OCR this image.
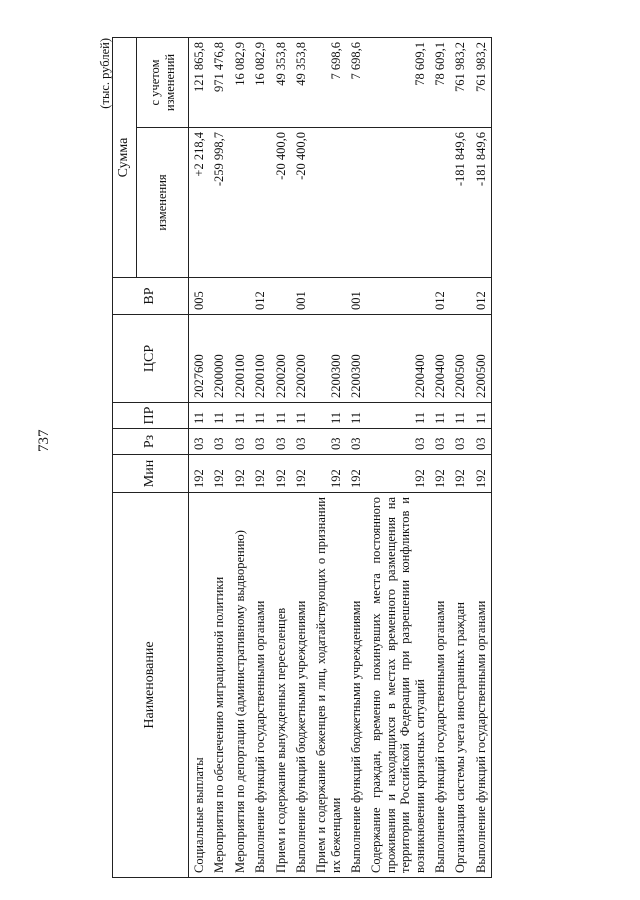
737
(тыс. рублей)
Наименование	Мин	Рз	ПР	ЦСР	ВР	Сумма	
						изменения	с учетом изменений
Социальные выплаты	192	03	11	2027600	005	+2 218,4	121 865,8
Мероприятия по обеспечению миграционной политики	192	03	11	2200000		-259 998,7	971 476,8
Мероприятия по депортации (административному выдворению)	192	03	11	2200100			16 082,9
Выполнение функций государственными органами	192	03	11	2200100	012		16 082,9
Прием и содержание вынужденных переселенцев	192	03	11	2200200		-20 400,0	49 353,8
Выполнение функций бюджетными учреждениями	192	03	11	2200200	001	-20 400,0	49 353,8
Прием и содержание беженцев и лиц, ходатайствующих о признании их беженцами	192	03	11	2200300			7 698,6
Выполнение функций бюджетными учреждениями	192	03	11	2200300	001		7 698,6
Содержание граждан, временно покинувших места постоянного проживания и находящихся в местах временного размещения на территории Российской Федерации при разрешении конфликтов и возникновении кризисных ситуаций	192	03	11	2200400			78 609,1
Выполнение функций государственными органами	192	03	11	2200400	012		78 609,1
Организация системы учета иностранных граждан	192	03	11	2200500		-181 849,6	761 983,2
Выполнение функций государственными органами	192	03	11	2200500	012	-181 849,6	761 983,2
